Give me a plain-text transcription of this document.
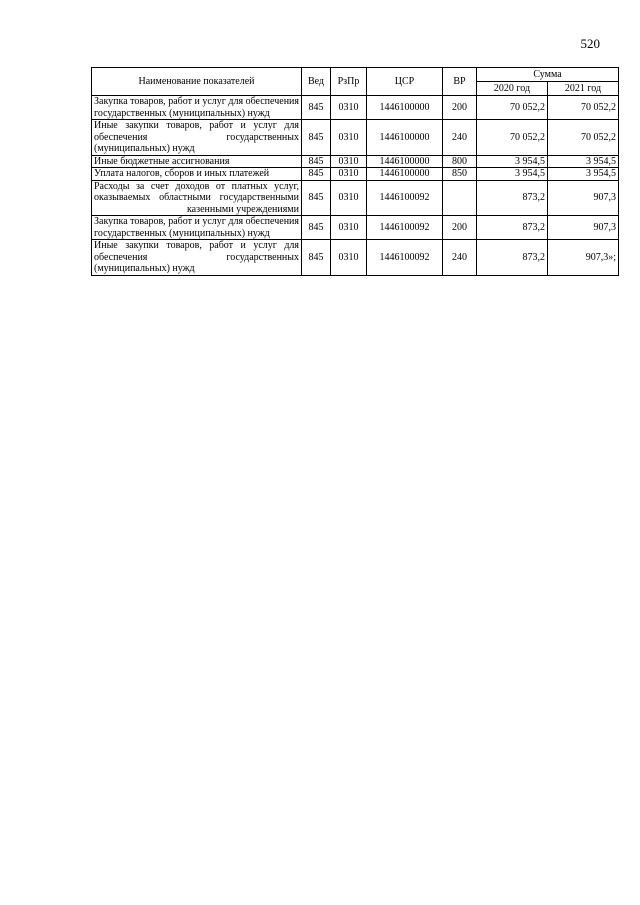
520
Наименование показателей	Вед	РзПр	ЦСР	ВР	Сумма	
					2020 год	2021 год
Закупка товаров, работ и услуг для обеспечения государственных (муниципальных) нужд	845	0310	1446100000	200	70 052,2	70 052,2
Иные закупки товаров, работ и услуг для обеспечения государственных (муниципальных) нужд	845	0310	1446100000	240	70 052,2	70 052,2
Иные бюджетные ассигнования	845	0310	1446100000	800	3 954,5	3 954,5
Уплата налогов, сборов и иных платежей	845	0310	1446100000	850	3 954,5	3 954,5
Расходы за счет доходов от платных услуг, оказываемых областными государственными казенными учреждениями	845	0310	1446100092		873,2	907,3
Закупка товаров, работ и услуг для обеспечения государственных (муниципальных) нужд	845	0310	1446100092	200	873,2	907,3
Иные закупки товаров, работ и услуг для обеспечения государственных (муниципальных) нужд	845	0310	1446100092	240	873,2	907,3»;
